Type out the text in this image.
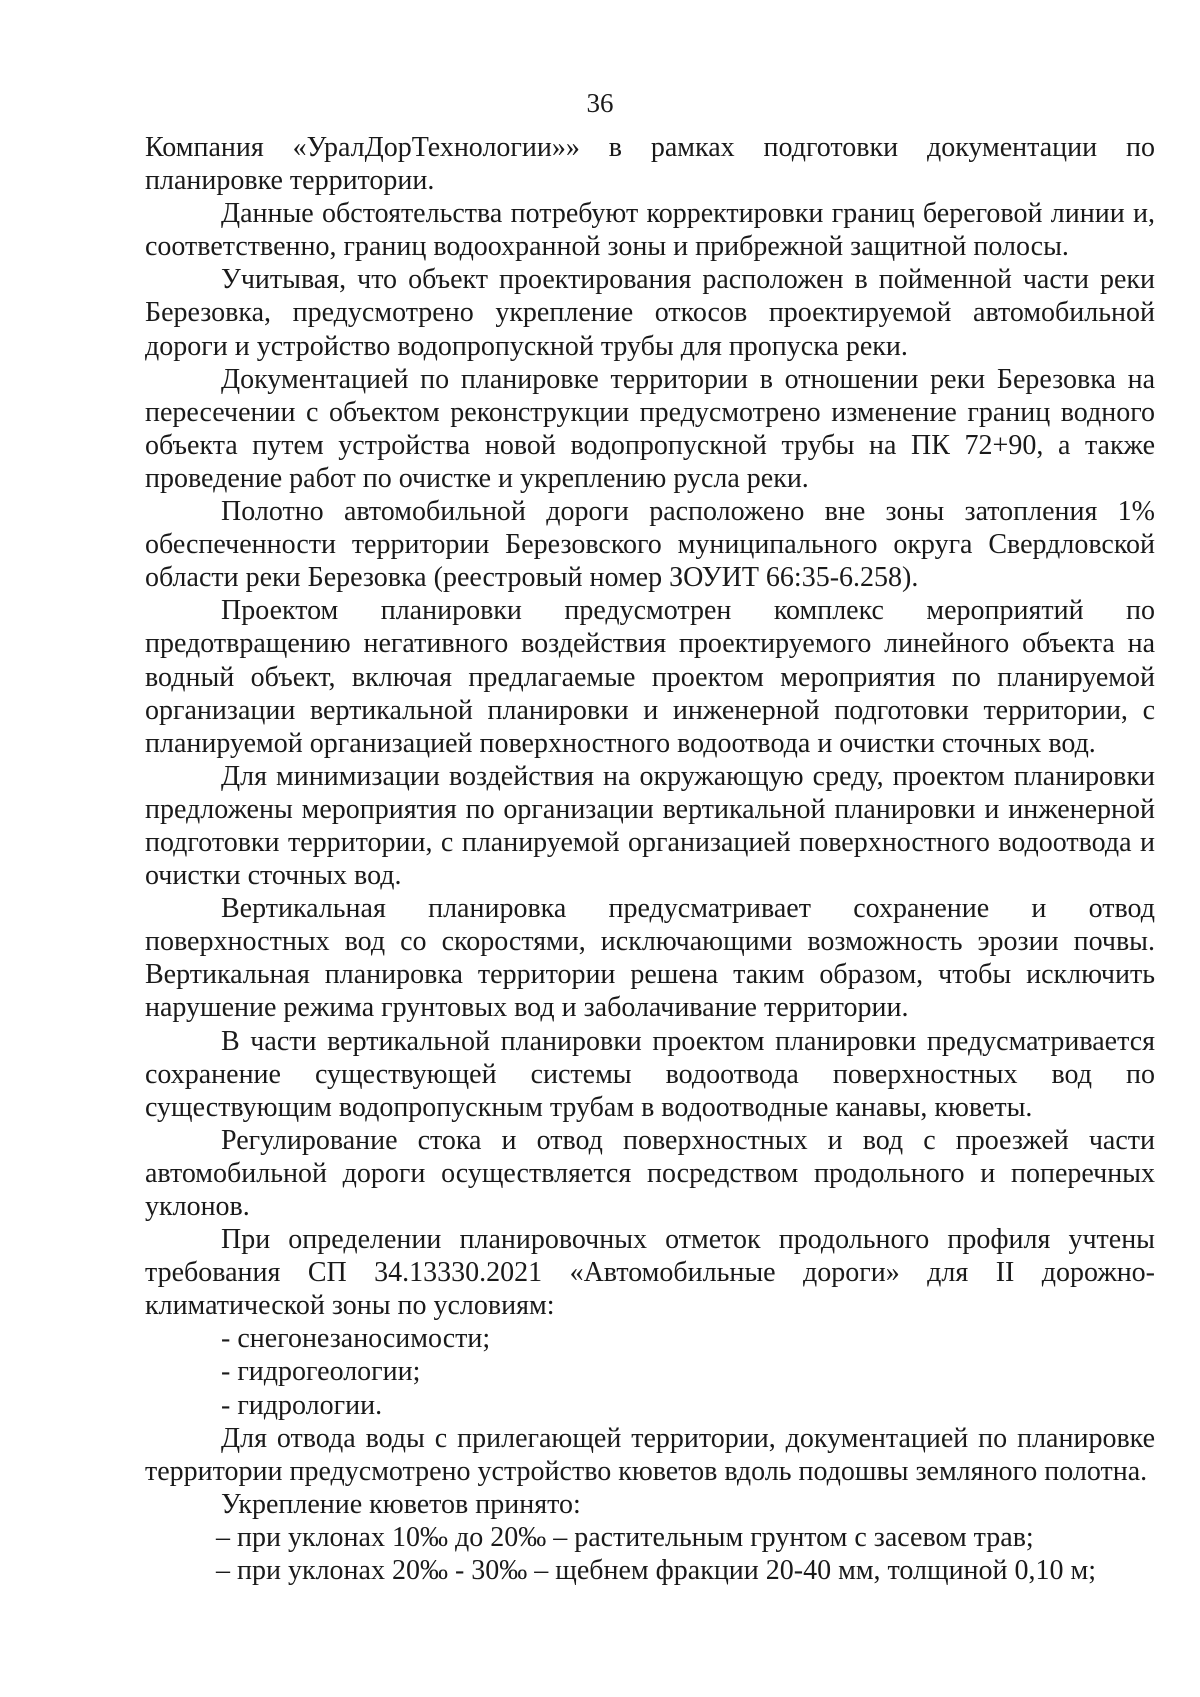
36

Компания «УралДорТехнологии»» в рамках подготовки документации по планировке территории.

Данные обстоятельства потребуют корректировки границ береговой линии и, соответственно, границ водоохранной зоны и прибрежной защитной полосы.

Учитывая, что объект проектирования расположен в пойменной части реки Березовка, предусмотрено укрепление откосов проектируемой автомобильной дороги и устройство водопропускной трубы для пропуска реки.

Документацией по планировке территории в отношении реки Березовка на пересечении с объектом реконструкции предусмотрено изменение границ водного объекта путем устройства новой водопропускной трубы на ПК 72+90, а также проведение работ по очистке и укреплению русла реки.

Полотно автомобильной дороги расположено вне зоны затопления 1% обеспеченности территории Березовского муниципального округа Свердловской области реки Березовка (реестровый номер ЗОУИТ 66:35-6.258).

Проектом планировки предусмотрен комплекс мероприятий по предотвращению негативного воздействия проектируемого линейного объекта на водный объект, включая предлагаемые проектом мероприятия по планируемой организации вертикальной планировки и инженерной подготовки территории, с планируемой организацией поверхностного водоотвода и очистки сточных вод.

Для минимизации воздействия на окружающую среду, проектом планировки предложены мероприятия по организации вертикальной планировки и инженерной подготовки территории, с планируемой организацией поверхностного водоотвода и очистки сточных вод.

Вертикальная планировка предусматривает сохранение и отвод поверхностных вод со скоростями, исключающими возможность эрозии почвы. Вертикальная планировка территории решена таким образом, чтобы исключить нарушение режима грунтовых вод и заболачивание территории.

В части вертикальной планировки проектом планировки предусматривается сохранение существующей системы водоотвода поверхностных вод по существующим водопропускным трубам в водоотводные канавы, кюветы.

Регулирование стока и отвод поверхностных и вод с проезжей части автомобильной дороги осуществляется посредством продольного и поперечных уклонов.

При определении планировочных отметок продольного профиля учтены требования СП 34.13330.2021 «Автомобильные дороги» для II дорожно-климатической зоны по условиям:

- снегонезаносимости;

- гидрогеологии;

- гидрологии.

Для отвода воды с прилегающей территории, документацией по планировке территории предусмотрено устройство кюветов вдоль подошвы земляного полотна.

Укрепление кюветов принято:

– при уклонах 10‰ до 20‰ – растительным грунтом с засевом трав;

– при уклонах 20‰ - 30‰ – щебнем фракции 20-40 мм, толщиной 0,10 м;
